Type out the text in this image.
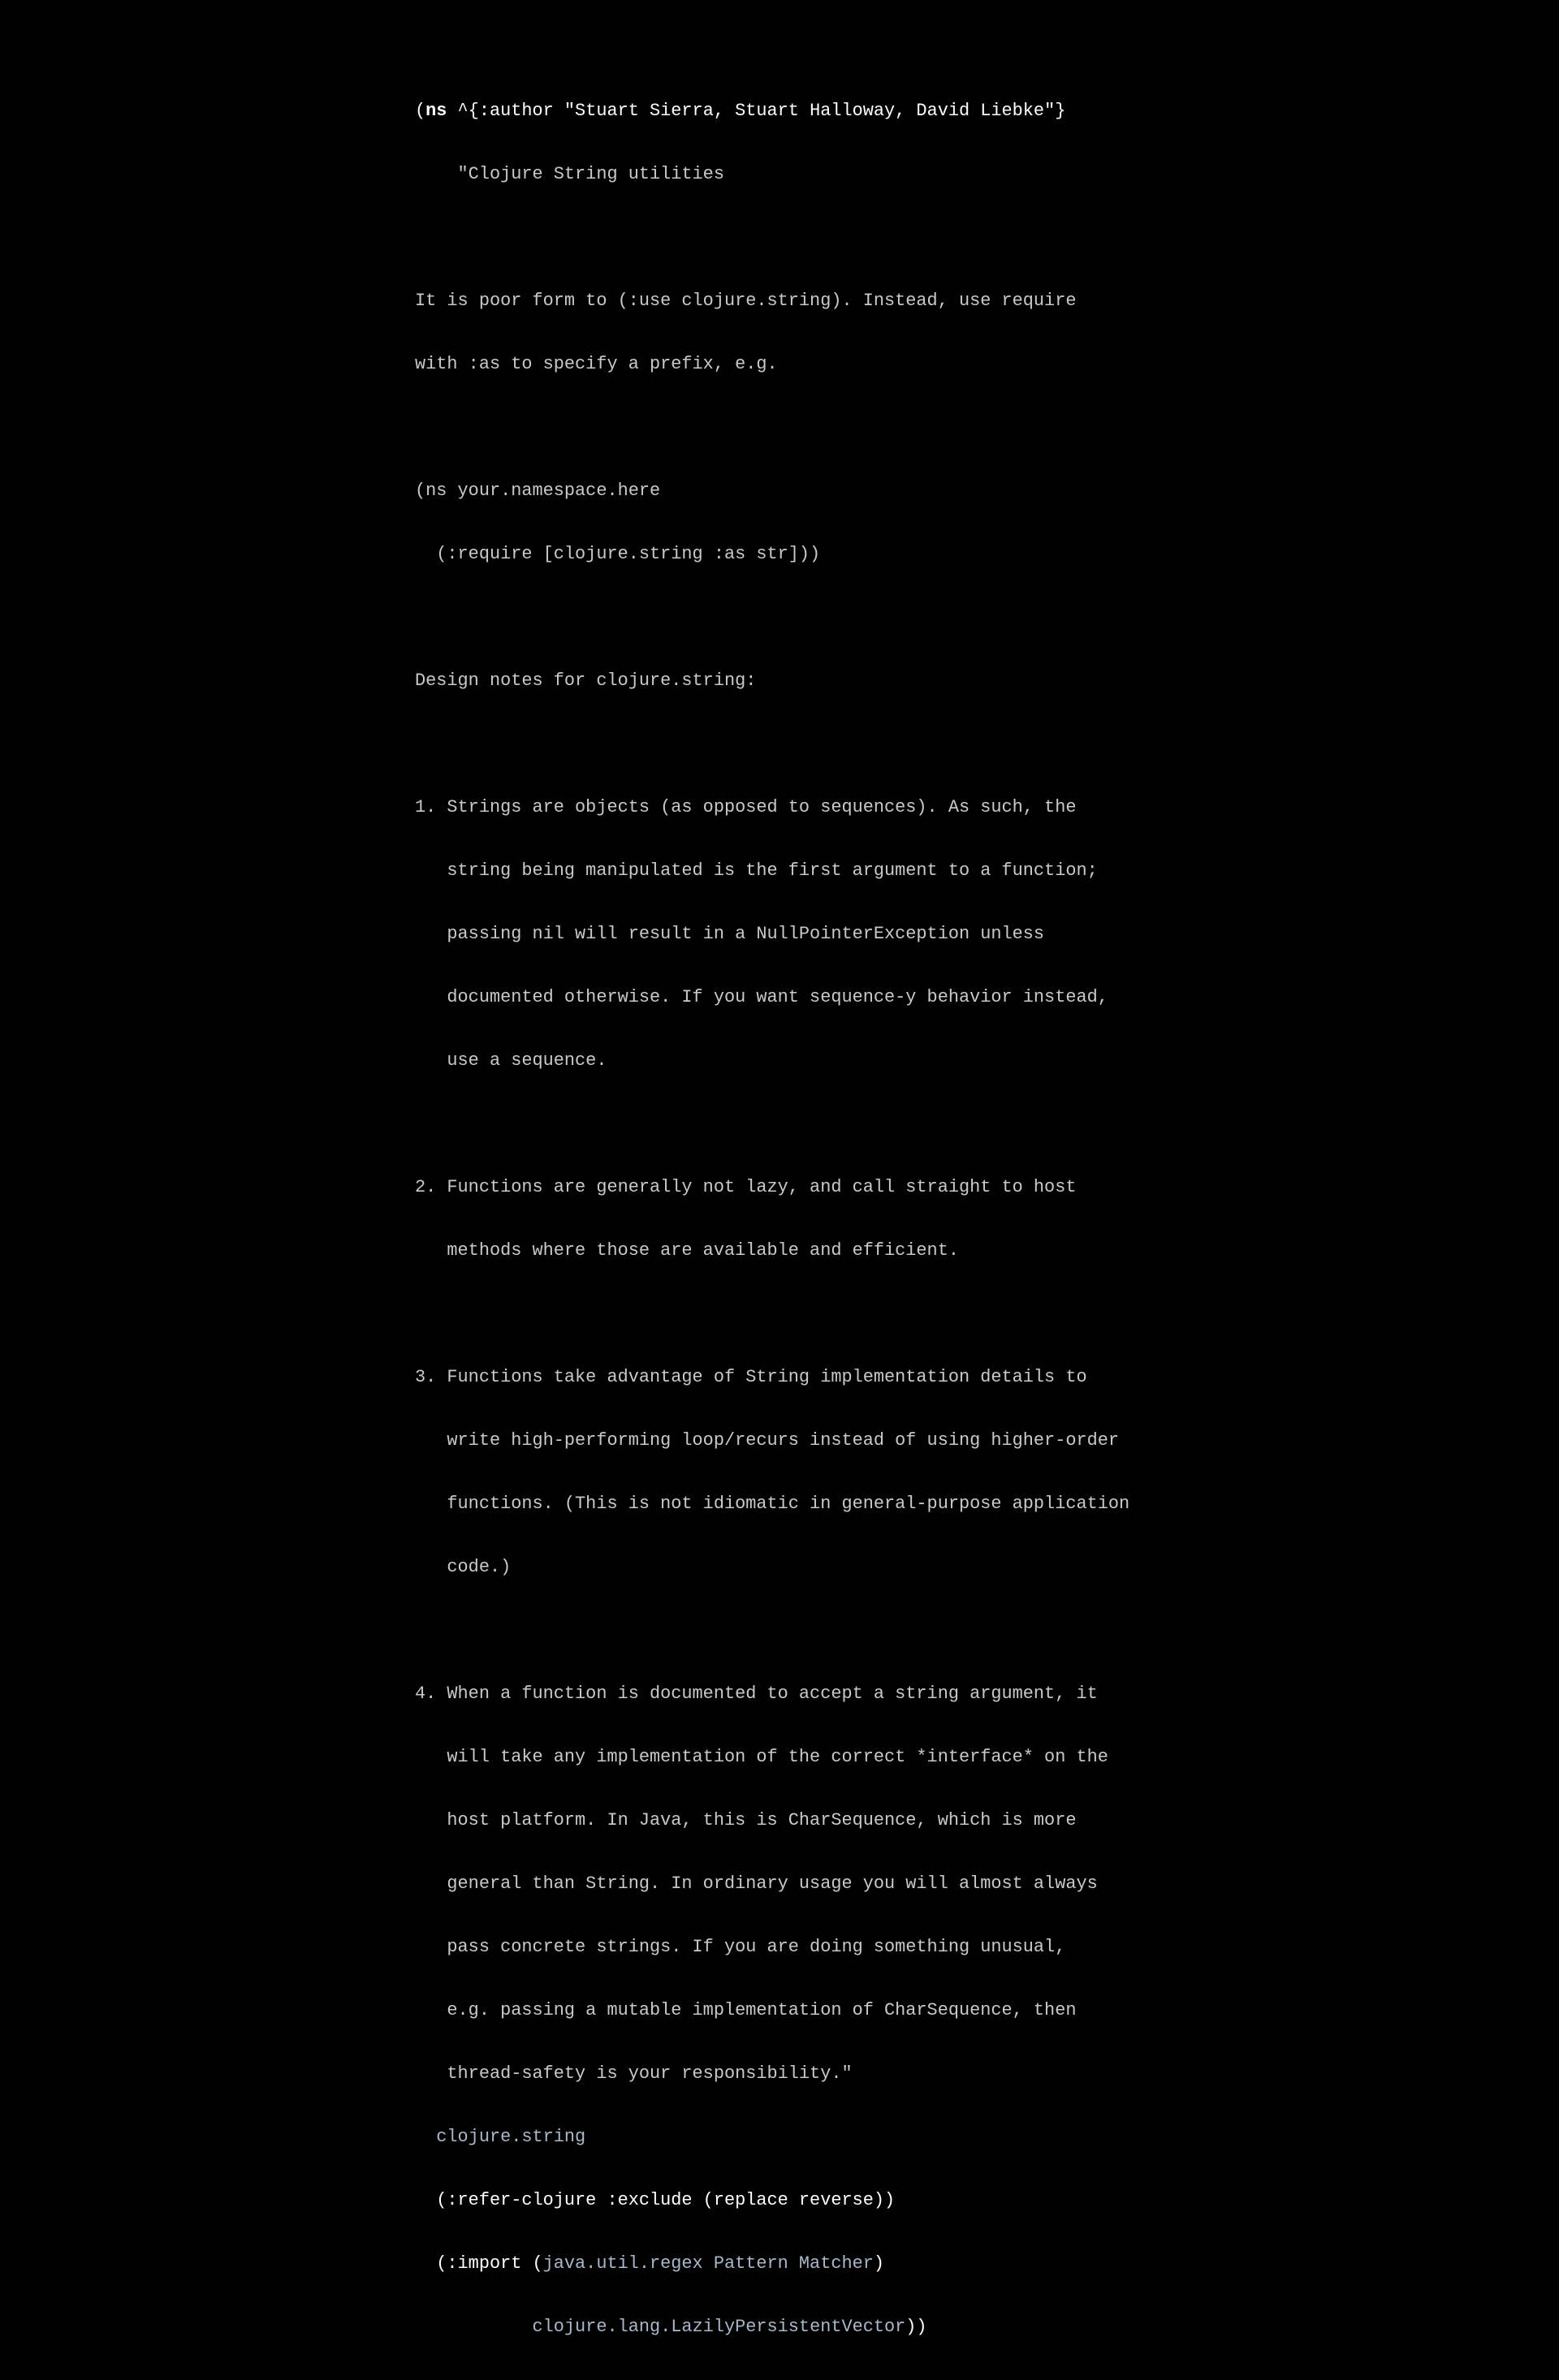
(ns ^{:author "Stuart Sierra, Stuart Halloway, David Liebke"}

"Clojure String utilities

It is poor form to (:use clojure.string). Instead, use require

with :as to specify a prefix, e.g.

(ns your.namespace.here

(:require [clojure.string :as str]))

Design notes for clojure.string:

1. Strings are objects (as opposed to sequences). As such, the

string being manipulated is the first argument to a function;

passing nil will result in a NullPointerException unless

documented otherwise. If you want sequence-y behavior instead,

use a sequence.

2. Functions are generally not lazy, and call straight to host

methods where those are available and efficient.

3. Functions take advantage of String implementation details to

write high-performing loop/recurs instead of using higher-order

functions. (This is not idiomatic in general-purpose application

code.)

4. When a function is documented to accept a string argument, it

will take any implementation of the correct *interface* on the

host platform. In Java, this is CharSequence, which is more

general than String. In ordinary usage you will almost always

pass concrete strings. If you are doing something unusual,

e.g. passing a mutable implementation of CharSequence, then

thread-safety is your responsibility."

clojure.string

(:refer-clojure :exclude (replace reverse))

(:import (java.util.regex Pattern Matcher)

clojure.lang.LazilyPersistentVector))
